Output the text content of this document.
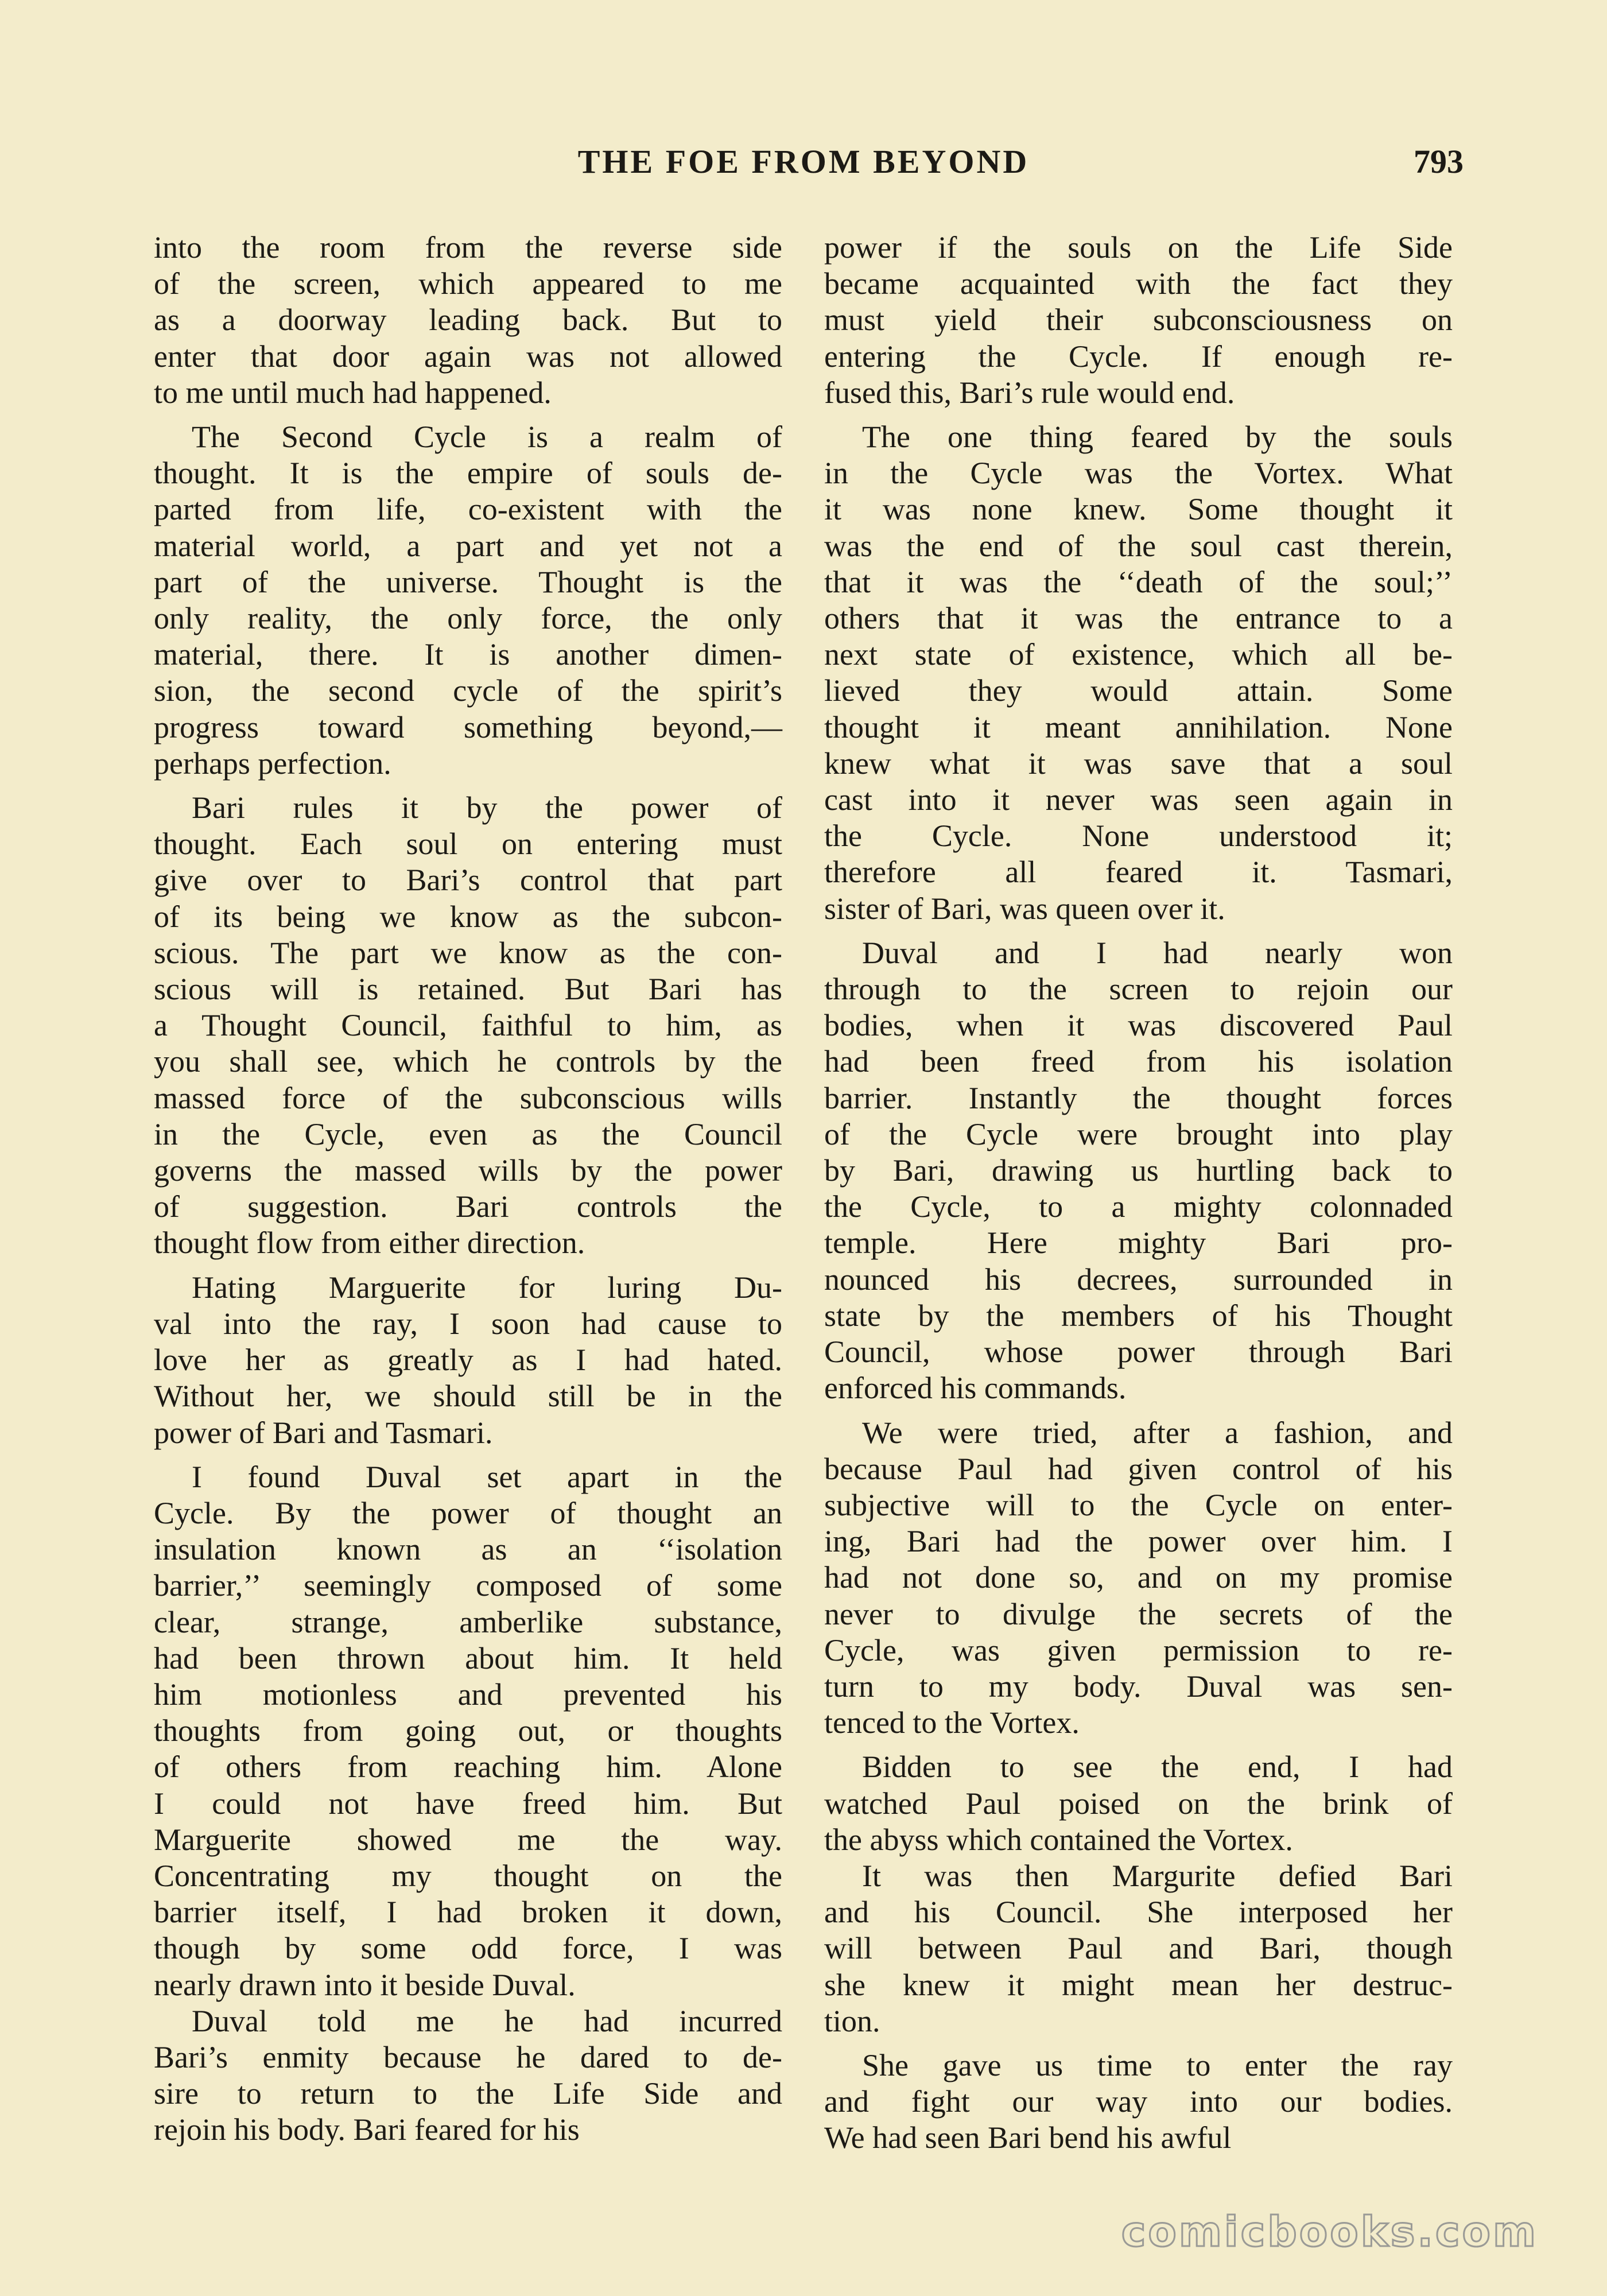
THE FOE FROM BEYOND	793

into the room from the reverse side
of the screen, which appeared to me
as a doorway leading back. But to
enter that door again was not allowed
to me until much had happened.

The Second Cycle is a realm of
thought. It is the empire of souls de-
parted from life, co-existent with the
material world, a part and yet not a
part of the universe. Thought is the
only reality, the only force, the only
material, there. It is another dimen-
sion, the second cycle of the spirit’s
progress toward something beyond,—
perhaps perfection.

Bari rules it by the power of
thought. Each soul on entering must
give over to Bari’s control that part
of its being we know as the subcon-
scious. The part we know as the con-
scious will is retained. But Bari has
a Thought Council, faithful to him, as
you shall see, which he controls by the
massed force of the subconscious wills
in the Cycle, even as the Council
governs the massed wills by the power
of suggestion. Bari controls the
thought flow from either direction.

Hating Marguerite for luring Du-
val into the ray, I soon had cause to
love her as greatly as I had hated.
Without her, we should still be in the
power of Bari and Tasmari.

I found Duval set apart in the
Cycle. By the power of thought an
insulation known as an ‘‘isolation
barrier,’’ seemingly composed of some
clear, strange, amberlike substance,
had been thrown about him. It held
him motionless and prevented his
thoughts from going out, or thoughts
of others from reaching him. Alone
I could not have freed him. But
Marguerite showed me the way.
Concentrating my thought on the
barrier itself, I had broken it down,
though by some odd force, I was
nearly drawn into it beside Duval.

Duval told me he had incurred
Bari’s enmity because he dared to de-
sire to return to the Life Side and
rejoin his body. Bari feared for his

power if the souls on the Life Side
became acquainted with the fact they
must yield their subconsciousness on
entering the Cycle. If enough re-
fused this, Bari’s rule would end.

The one thing feared by the souls
in the Cycle was the Vortex. What
it was none knew. Some thought it
was the end of the soul cast therein,
that it was the ‘‘death of the soul;’’
others that it was the entrance to a
next state of existence, which all be-
lieved they would attain. Some
thought it meant annihilation. None
knew what it was save that a soul
cast into it never was seen again in
the Cycle. None understood it;
therefore all feared it. Tasmari,
sister of Bari, was queen over it.

Duval and I had nearly won
through to the screen to rejoin our
bodies, when it was discovered Paul
had been freed from his isolation
barrier. Instantly the thought forces
of the Cycle were brought into play
by Bari, drawing us hurtling back to
the Cycle, to a mighty colonnaded
temple. Here mighty Bari pro-
nounced his decrees, surrounded in
state by the members of his Thought
Council, whose power through Bari
enforced his commands.

We were tried, after a fashion, and
because Paul had given control of his
subjective will to the Cycle on enter-
ing, Bari had the power over him. I
had not done so, and on my promise
never to divulge the secrets of the
Cycle, was given permission to re-
turn to my body. Duval was sen-
tenced to the Vortex.

Bidden to see the end, I had
watched Paul poised on the brink of
the abyss which contained the Vortex.

It was then Margurite defied Bari
and his Council. She interposed her
will between Paul and Bari, though
she knew it might mean her destruc-
tion.

She gave us time to enter the ray
and fight our way into our bodies.
We had seen Bari bend his awful

comicbooks.com
